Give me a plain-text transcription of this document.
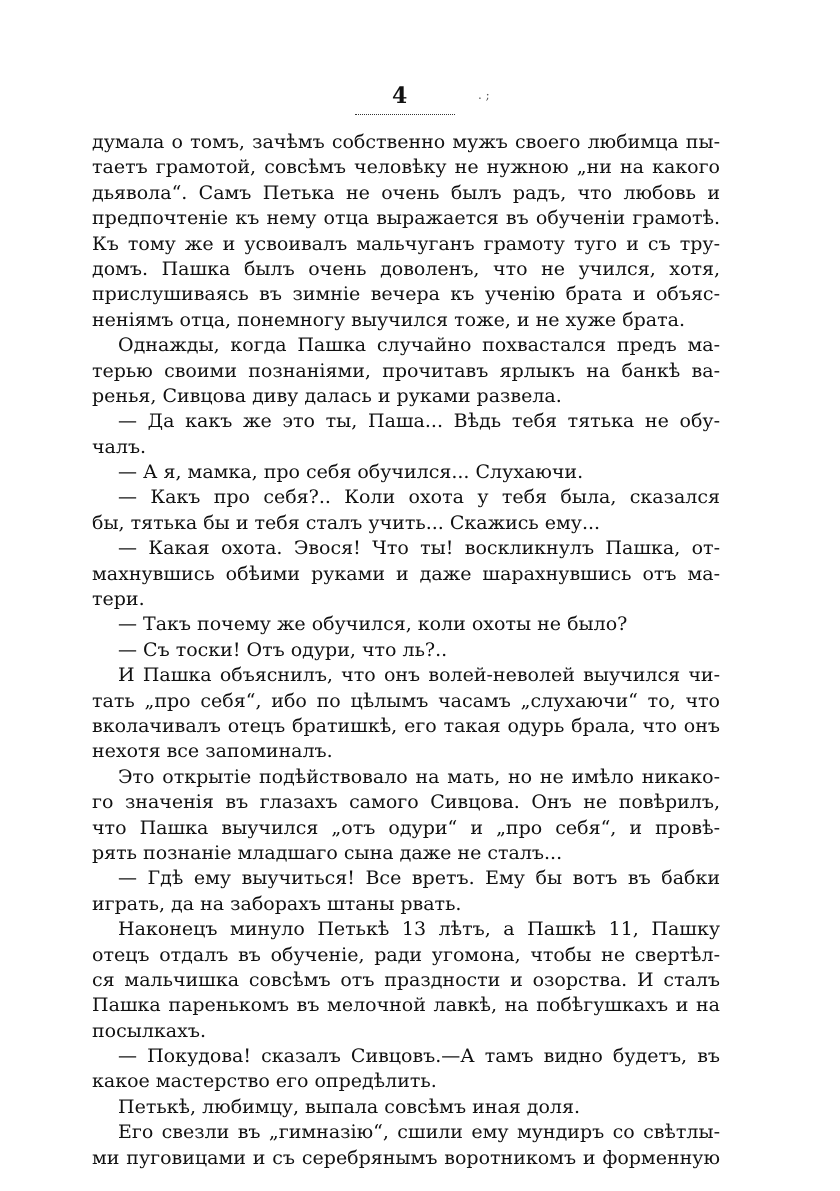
4	. ;
думала о томъ, зачѣмъ собственно мужъ своего любимца пы-
таетъ грамотой, совсѣмъ человѣку не нужною „ни на какого
дьявола“. Самъ Петька не очень былъ радъ, что любовь и
предпочтеніе къ нему отца выражается въ обученіи грамотѣ.
Къ тому же и усвоивалъ мальчуганъ грамоту туго и съ тру-
домъ. Пашка былъ очень доволенъ, что не учился, хотя,
прислушиваясь въ зимніе вечера къ ученію брата и объяс-
неніямъ отца, понемногу выучился тоже, и не хуже брата.
Однажды, когда Пашка случайно похвастался предъ ма-
терью своими познаніями, прочитавъ ярлыкъ на банкѣ ва-
ренья, Сивцова диву далась и руками развела.
— Да какъ же это ты, Паша... Вѣдь тебя тятька не обу-
чалъ.
— А я, мамка, про себя обучился... Слухаючи.
— Какъ про себя?.. Коли охота у тебя была, сказался
бы, тятька бы и тебя сталъ учить... Скажись ему...
— Какая охота. Эвося! Что ты! воскликнулъ Пашка, от-
махнувшись обѣими руками и даже шарахнувшись отъ ма-
тери.
— Такъ почему же обучился, коли охоты не было?
— Съ тоски! Отъ одури, что ль?..
И Пашка объяснилъ, что онъ волей-неволей выучился чи-
тать „про себя“, ибо по цѣлымъ часамъ „слухаючи“ то, что
вколачивалъ отецъ братишкѣ, его такая одурь брала, что онъ
нехотя все запоминалъ.
Это открытіе подѣйствовало на мать, но не имѣло никако-
го значенія въ глазахъ самого Сивцова. Онъ не повѣрилъ,
что Пашка выучился „отъ одури“ и „про себя“, и провѣ-
рять познаніе младшаго сына даже не сталъ...
— Гдѣ ему выучиться! Все вретъ. Ему бы вотъ въ бабки
играть, да на заборахъ штаны рвать.
Наконецъ минуло Петькѣ 13 лѣтъ, а Пашкѣ 11, Пашку
отецъ отдалъ въ обученіе, ради угомона, чтобы не свертѣл-
ся мальчишка совсѣмъ отъ праздности и озорства. И сталъ
Пашка паренькомъ въ мелочной лавкѣ, на побѣгушкахъ и на
посылкахъ.
— Покудова! сказалъ Сивцовъ.—А тамъ видно будетъ, въ
какое мастерство его опредѣлить.
Петькѣ, любимцу, выпала совсѣмъ иная доля.
Его свезли въ „гимназію“, сшили ему мундиръ со свѣтлы-
ми пуговицами и съ серебрянымъ воротникомъ и форменную
